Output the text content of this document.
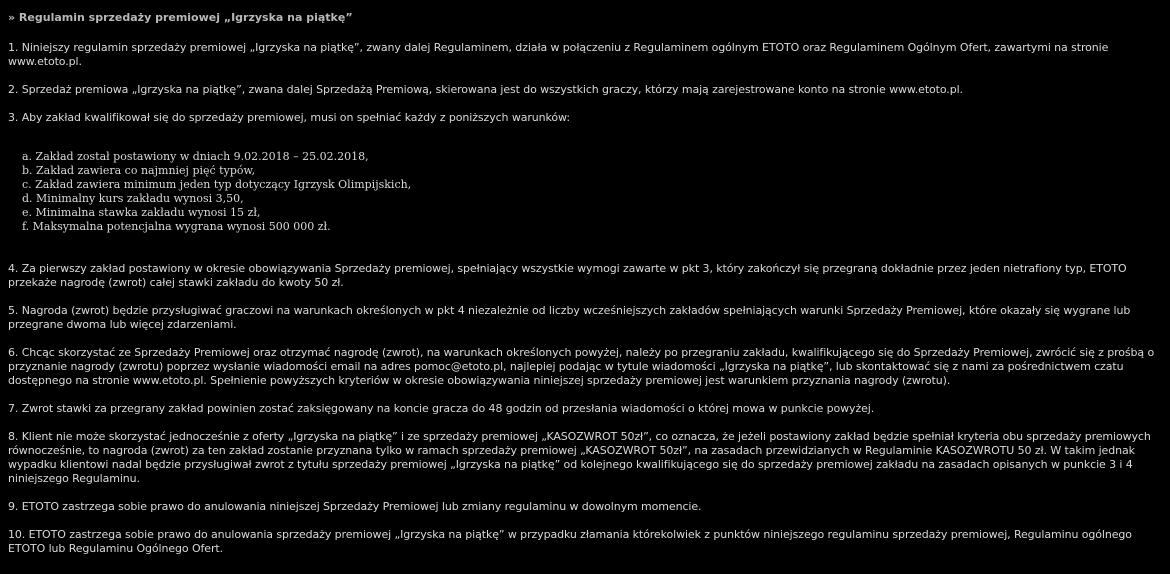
» Regulamin sprzedaży premiowej „Igrzyska na piątkę”

1. Niniejszy regulamin sprzedaży premiowej „Igrzyska na piątkę”, zwany dalej Regulaminem, działa w połączeniu z Regulaminem ogólnym ETOTO oraz Regulaminem Ogólnym Ofert, zawartymi na stronie www.etoto.pl.

2. Sprzedaż premiowa „Igrzyska na piątkę”, zwana dalej Sprzedażą Premiową, skierowana jest do wszystkich graczy, którzy mają zarejestrowane konto na stronie www.etoto.pl.

3. Aby zakład kwalifikował się do sprzedaży premiowej, musi on spełniać każdy z poniższych warunków:

a. Zakład został postawiony w dniach 9.02.2018 – 25.02.2018,
b. Zakład zawiera co najmniej pięć typów,
c. Zakład zawiera minimum jeden typ dotyczący Igrzysk Olimpijskich,
d. Minimalny kurs zakładu wynosi 3,50,
e. Minimalna stawka zakładu wynosi 15 zł,
f. Maksymalna potencjalna wygrana wynosi 500 000 zł.

4. Za pierwszy zakład postawiony w okresie obowiązywania Sprzedaży premiowej, spełniający wszystkie wymogi zawarte w pkt 3, który zakończył się przegraną dokładnie przez jeden nietrafiony typ, ETOTO przekaże nagrodę (zwrot) całej stawki zakładu do kwoty 50 zł.

5. Nagroda (zwrot) będzie przysługiwać graczowi na warunkach określonych w pkt 4 niezależnie od liczby wcześniejszych zakładów spełniających warunki Sprzedaży Premiowej, które okazały się wygrane lub przegrane dwoma lub więcej zdarzeniami.

6. Chcąc skorzystać ze Sprzedaży Premiowej oraz otrzymać nagrodę (zwrot), na warunkach określonych powyżej, należy po przegraniu zakładu, kwalifikującego się do Sprzedaży Premiowej, zwrócić się z prośbą o przyznanie nagrody (zwrotu) poprzez wysłanie wiadomości email na adres pomoc@etoto.pl, najlepiej podając w tytule wiadomości „Igrzyska na piątkę”, lub skontaktować się z nami za pośrednictwem czatu dostępnego na stronie www.etoto.pl. Spełnienie powyższych kryteriów w okresie obowiązywania niniejszej sprzedaży premiowej jest warunkiem przyznania nagrody (zwrotu).

7. Zwrot stawki za przegrany zakład powinien zostać zaksięgowany na koncie gracza do 48 godzin od przesłania wiadomości o której mowa w punkcie powyżej.

8. Klient nie może skorzystać jednocześnie z oferty „Igrzyska na piątkę” i ze sprzedaży premiowej „KASOZWROT 50zł”, co oznacza, że jeżeli postawiony zakład będzie spełniał kryteria obu sprzedaży premiowych równocześnie, to nagroda (zwrot) za ten zakład zostanie przyznana tylko w ramach sprzedaży premiowej „KASOZWROT 50zł”, na zasadach przewidzianych w Regulaminie KASOZWROTU 50 zł. W takim jednak wypadku klientowi nadal będzie przysługiwał zwrot z tytułu sprzedaży premiowej „Igrzyska na piątkę” od kolejnego kwalifikującego się do sprzedaży premiowej zakładu na zasadach opisanych w punkcie 3 i 4 niniejszego Regulaminu.

9. ETOTO zastrzega sobie prawo do anulowania niniejszej Sprzedaży Premiowej lub zmiany regulaminu w dowolnym momencie.

10. ETOTO zastrzega sobie prawo do anulowania sprzedaży premiowej „Igrzyska na piątkę” w przypadku złamania którekolwiek z punktów niniejszego regulaminu sprzedaży premiowej, Regulaminu ogólnego ETOTO lub Regulaminu Ogólnego Ofert.
